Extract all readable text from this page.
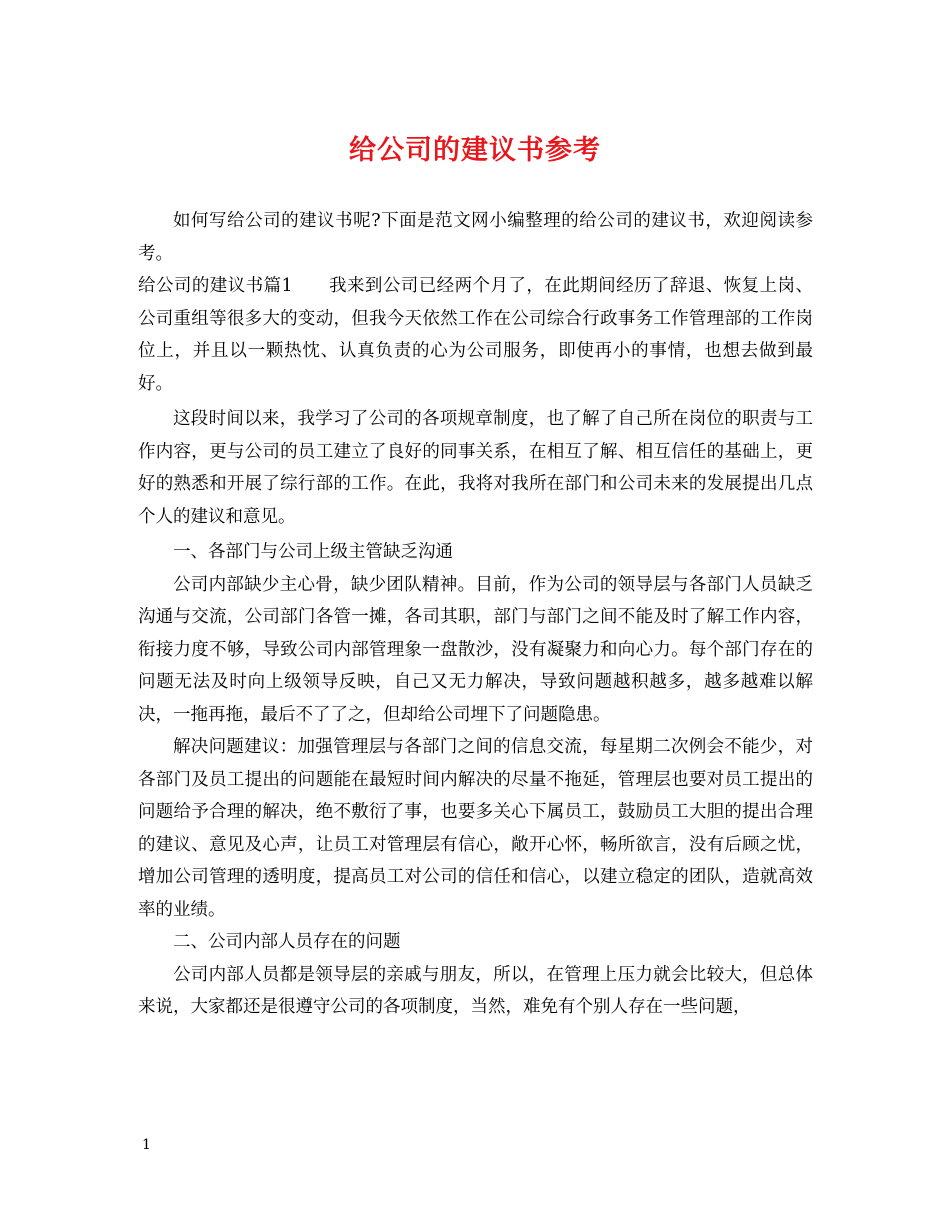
给公司的建议书参考

如何写给公司的建议书呢?下面是范文网小编整理的给公司的建议书，欢迎阅读参考。

给公司的建议书篇1　　我来到公司已经两个月了，在此期间经历了辞退、恢复上岗、公司重组等很多大的变动，但我今天依然工作在公司综合行政事务工作管理部的工作岗位上，并且以一颗热忱、认真负责的心为公司服务，即使再小的事情，也想去做到最好。

这段时间以来，我学习了公司的各项规章制度，也了解了自己所在岗位的职责与工作内容，更与公司的员工建立了良好的同事关系，在相互了解、相互信任的基础上，更好的熟悉和开展了综行部的工作。在此，我将对我所在部门和公司未来的发展提出几点个人的建议和意见。

一、各部门与公司上级主管缺乏沟通

公司内部缺少主心骨，缺少团队精神。目前，作为公司的领导层与各部门人员缺乏沟通与交流，公司部门各管一摊，各司其职，部门与部门之间不能及时了解工作内容，衔接力度不够，导致公司内部管理象一盘散沙，没有凝聚力和向心力。每个部门存在的问题无法及时向上级领导反映，自己又无力解决，导致问题越积越多，越多越难以解决，一拖再拖，最后不了了之，但却给公司埋下了问题隐患。

解决问题建议：加强管理层与各部门之间的信息交流，每星期二次例会不能少，对各部门及员工提出的问题能在最短时间内解决的尽量不拖延，管理层也要对员工提出的问题给予合理的解决，绝不敷衍了事，也要多关心下属员工，鼓励员工大胆的提出合理的建议、意见及心声，让员工对管理层有信心，敞开心怀，畅所欲言，没有后顾之忧，增加公司管理的透明度，提高员工对公司的信任和信心，以建立稳定的团队，造就高效率的业绩。

二、公司内部人员存在的问题

公司内部人员都是领导层的亲戚与朋友，所以，在管理上压力就会比较大，但总体来说，大家都还是很遵守公司的各项制度，当然，难免有个别人存在一些问题，

1
